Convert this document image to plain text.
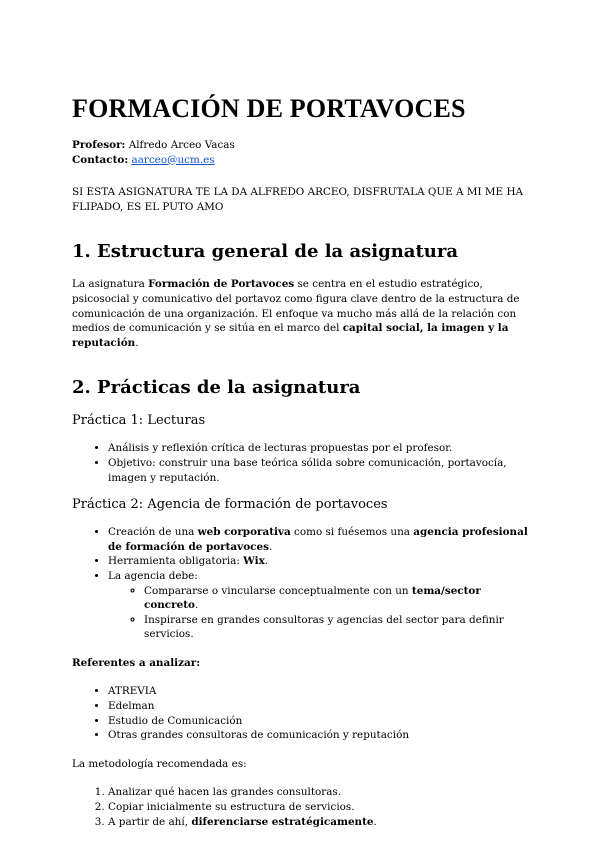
FORMACIÓN DE PORTAVOCES

Profesor: Alfredo Arceo Vacas

Contacto: aarceo@ucm.es

SI ESTA ASIGNATURA TE LA DA ALFREDO ARCEO, DISFRUTALA QUE A MI ME HA FLIPADO, ES EL PUTO AMO

1. Estructura general de la asignatura

La asignatura Formación de Portavoces se centra en el estudio estratégico, psicosocial y comunicativo del portavoz como figura clave dentro de la estructura de comunicación de una organización. El enfoque va mucho más allá de la relación con medios de comunicación y se sitúa en el marco del capital social, la imagen y la reputación.

2. Prácticas de la asignatura
Práctica 1: Lecturas
• Análisis y reflexión crítica de lecturas propuestas por el profesor.
• Objetivo: construir una base teórica sólida sobre comunicación, portavocía, imagen y reputación.
Práctica 2: Agencia de formación de portavoces
• Creación de una web corporativa como si fuésemos una agencia profesional de formación de portavoces.
• Herramienta obligatoria: Wix.
• La agencia debe:
◦ Compararse o vincularse conceptualmente con un tema/sector concreto.
◦ Inspirarse en grandes consultoras y agencias del sector para definir servicios.

Referentes a analizar:

• ATREVIA
• Edelman
• Estudio de Comunicación
• Otras grandes consultoras de comunicación y reputación

La metodología recomendada es:

1. Analizar qué hacen las grandes consultoras.
2. Copiar inicialmente su estructura de servicios.
3. A partir de ahí, diferenciarse estratégicamente.
